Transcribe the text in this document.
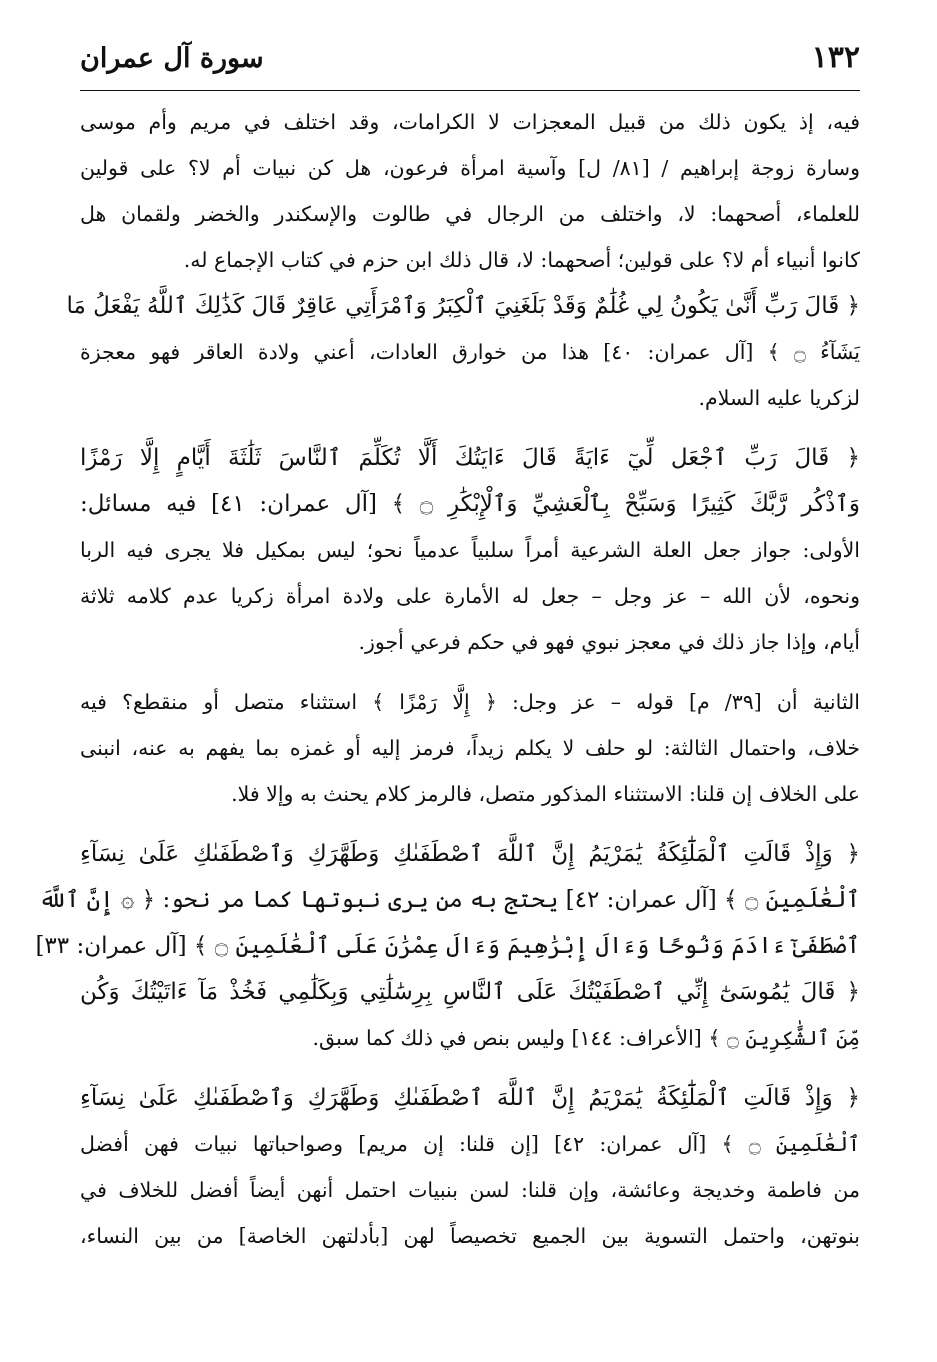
١٣٢
سورة آل عمران
فيه، إذ يكون ذلك من قبيل المعجزات لا الكرامات، وقد اختلف في مريم وأم موسى
وسارة زوجة إبراهيم / [٨١/ ل] وآسية امرأة فرعون، هل كن نبيات أم لا؟ على قولين
للعلماء، أصحهما: لا، واختلف من الرجال في طالوت والإسكندر والخضر ولقمان هل
كانوا أنبياء أم لا؟ على قولين؛ أصحهما: لا، قال ذلك ابن حزم في كتاب الإجماع له.
﴿ قَالَ رَبِّ أَنَّىٰ يَكُونُ لِي غُلَٰمٌ وَقَدْ بَلَغَنِيَ ٱلْكِبَرُ وَٱمْرَأَتِي عَاقِرٌ قَالَ كَذَٰلِكَ ٱللَّهُ يَفْعَلُ مَا
يَشَآءُ ۝ ﴾ [آل عمران: ٤٠] هذا من خوارق العادات، أعني ولادة العاقر فهو معجزة
لزكريا عليه السلام.
﴿ قَالَ رَبِّ ٱجْعَل لِّيٓ ءَايَةً قَالَ ءَايَتُكَ أَلَّا تُكَلِّمَ ٱلنَّاسَ ثَلَٰثَةَ أَيَّامٍ إِلَّا رَمْزًا
وَٱذْكُر رَّبَّكَ كَثِيرًا وَسَبِّحْ بِٱلْعَشِيِّ وَٱلْإِبْكَٰرِ ۝ ﴾ [آل عمران: ٤١] فيه مسائل:
الأولى: جواز جعل العلة الشرعية أمراً سلبياً عدمياً نحو؛ ليس بمكيل فلا يجرى فيه الربا
ونحوه، لأن الله – عز وجل – جعل له الأمارة على ولادة امرأة زكريا عدم كلامه ثلاثة
أيام، وإذا جاز ذلك في معجز نبوي فهو في حكم فرعي أجوز.
الثانية أن [٣٩/ م] قوله – عز وجل: ﴿ إِلَّا رَمْزًا ﴾ استثناء متصل أو منقطع؟ فيه
خلاف، واحتمال الثالثة: لو حلف لا يكلم زيداً، فرمز إليه أو غمزه بما يفهم به عنه، انبنى
على الخلاف إن قلنا: الاستثناء المذكور متصل، فالرمز كلام يحنث به وإلا فلا.
﴿ وَإِذْ قَالَتِ ٱلْمَلَٰٓئِكَةُ يَٰمَرْيَمُ إِنَّ ٱللَّهَ ٱصْطَفَىٰكِ وَطَهَّرَكِ وَٱصْطَفَىٰكِ عَلَىٰ نِسَآءِ
ٱلْعَٰلَمِينَ ۝ ﴾ [آل عمران: ٤٢] يحتج به من يرى نبوتها كما مر نحو: ﴿ ۞ إِنَّ ٱللَّهَ
ٱصْطَفَىٰٓ ءَادَمَ وَنُوحًا وَءَالَ إِبْرَٰهِيمَ وَءَالَ عِمْرَٰنَ عَلَى ٱلْعَٰلَمِينَ ۝ ﴾ [آل عمران: ٣٣]
﴿ قَالَ يَٰمُوسَىٰٓ إِنِّي ٱصْطَفَيْتُكَ عَلَى ٱلنَّاسِ بِرِسَٰلَٰتِي وَبِكَلَٰمِي فَخُذْ مَآ ءَاتَيْتُكَ وَكُن
مِّنَ ٱلشَّٰكِرِينَ ۝ ﴾ [الأعراف: ١٤٤] وليس بنص في ذلك كما سبق.
﴿ وَإِذْ قَالَتِ ٱلْمَلَٰٓئِكَةُ يَٰمَرْيَمُ إِنَّ ٱللَّهَ ٱصْطَفَىٰكِ وَطَهَّرَكِ وَٱصْطَفَىٰكِ عَلَىٰ نِسَآءِ
ٱلْعَٰلَمِينَ ۝ ﴾ [آل عمران: ٤٢] [إن قلنا: إن مريم] وصواحباتها نبيات فهن أفضل
من فاطمة وخديجة وعائشة، وإن قلنا: لسن بنبيات احتمل أنهن أيضاً أفضل للخلاف في
بنوتهن، واحتمل التسوية بين الجميع تخصيصاً لهن [بأدلتهن الخاصة] من بين النساء،
